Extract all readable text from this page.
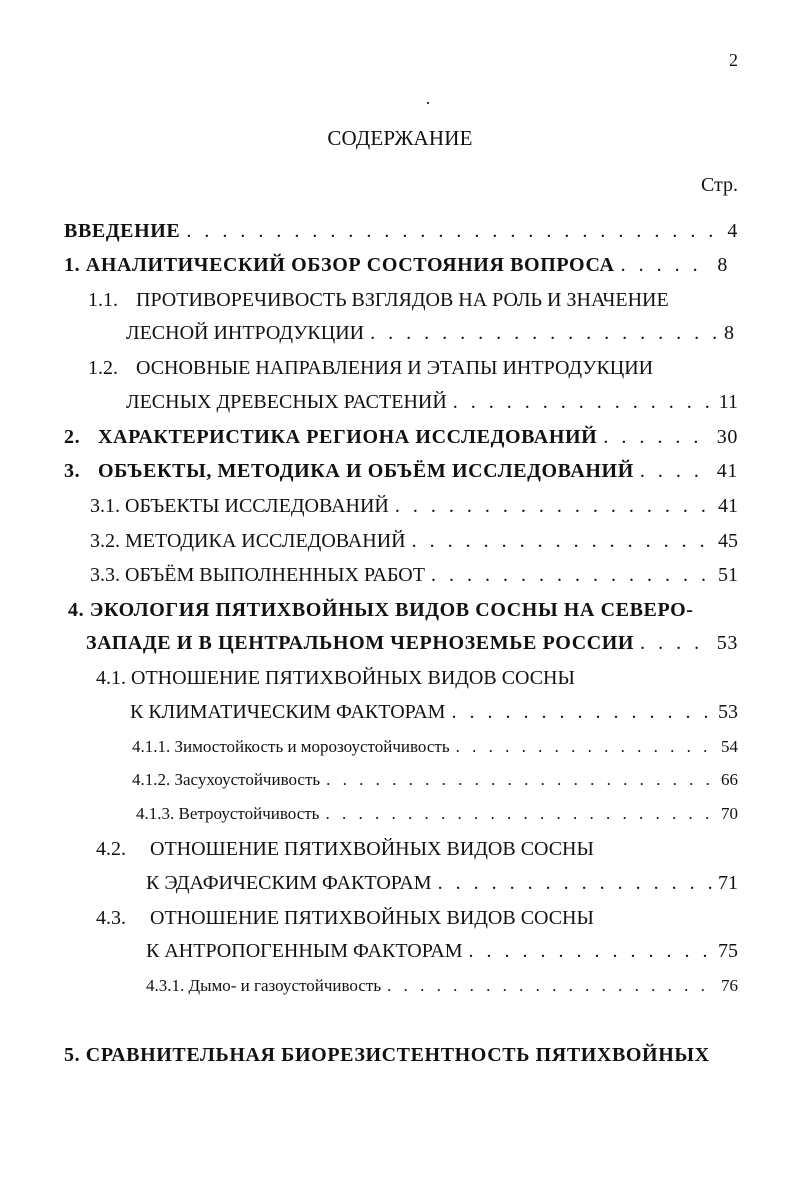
2
СОДЕРЖАНИЕ
Стр.
ВВЕДЕНИЕ . . .	4
1. АНАЛИТИЧЕСКИЙ ОБЗОР СОСТОЯНИЯ ВОПРОСА . . .	8
1.1. ПРОТИВОРЕЧИВОСТЬ ВЗГЛЯДОВ НА РОЛЬ И ЗНАЧЕНИЕ
ЛЕСНОЙ ИНТРОДУКЦИИ . . .	8
1.2. ОСНОВНЫЕ НАПРАВЛЕНИЯ И ЭТАПЫ ИНТРОДУКЦИИ
ЛЕСНЫХ ДРЕВЕСНЫХ РАСТЕНИЙ . . .	11
2. ХАРАКТЕРИСТИКА РЕГИОНА ИССЛЕДОВАНИЙ . . .	30
3. ОБЪЕКТЫ, МЕТОДИКА И ОБЪЁМ ИССЛЕДОВАНИЙ . . .	41
3.1. ОБЪЕКТЫ ИССЛЕДОВАНИЙ . . .	41
3.2. МЕТОДИКА ИССЛЕДОВАНИЙ . . .	45
3.3. ОБЪЁМ ВЫПОЛНЕННЫХ РАБОТ . . .	51
4. ЭКОЛОГИЯ ПЯТИХВОЙНЫХ ВИДОВ СОСНЫ НА СЕВЕРО-
ЗАПАДЕ И В ЦЕНТРАЛЬНОМ ЧЕРНОЗЕМЬЕ РОССИИ . . .	53
4.1. ОТНОШЕНИЕ ПЯТИХВОЙНЫХ ВИДОВ СОСНЫ
К КЛИМАТИЧЕСКИМ ФАКТОРАМ . . .	53
4.1.1. Зимостойкость и морозоустойчивость . . .	54
4.1.2. Засухоустойчивость . . .	66
4.1.3. Ветроустойчивость . . .	70
4.2. ОТНОШЕНИЕ ПЯТИХВОЙНЫХ ВИДОВ СОСНЫ
К ЭДАФИЧЕСКИМ ФАКТОРАМ . . .	71
4.3. ОТНОШЕНИЕ ПЯТИХВОЙНЫХ ВИДОВ СОСНЫ
К АНТРОПОГЕННЫМ ФАКТОРАМ . . .	75
4.3.1. Дымо- и газоустойчивость . . .	76
5. СРАВНИТЕЛЬНАЯ БИОРЕЗИСТЕНТНОСТЬ ПЯТИХВОЙНЫХ
